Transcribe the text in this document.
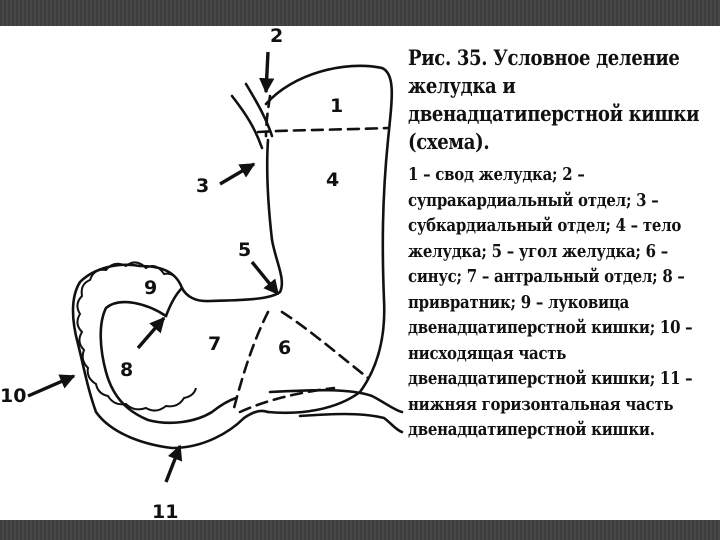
1
2
3	4
5
6
7
8
9
10
11

Рис. 35. Условное деление желудка и двенадцатиперстной кишки (схема).

1 – свод желудка; 2 – супракардиальный отдел; 3 – субкардиальный отдел; 4 – тело желудка; 5 – угол желудка; 6 – синус; 7 – антральный отдел; 8 – привратник; 9 – луковица двенадцатиперстной кишки; 10 – нисходящая часть двенадцатиперстной кишки; 11 – нижняя горизонтальная часть двенадцатиперстной кишки.
